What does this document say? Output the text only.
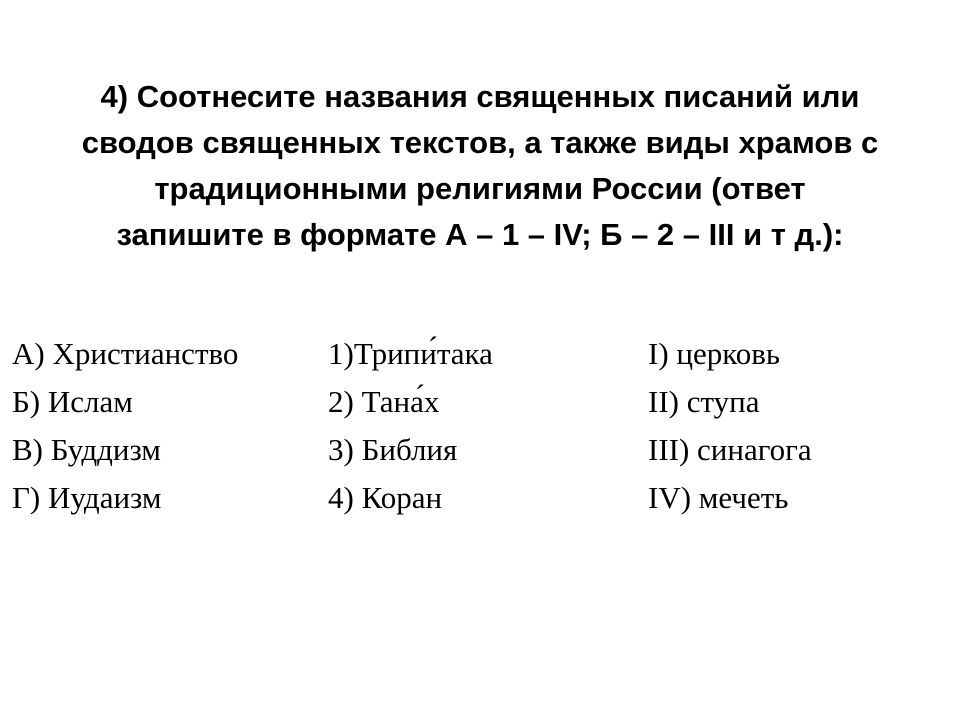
4) Соотнесите названия священных писаний или
сводов священных текстов, а также виды храмов с
традиционными религиями России (ответ
запишите в формате А – 1 – IV; Б – 2 – III и т д.):
А) Христианство
Б) Ислам
В) Буддизм
Г) Иудаизм
1)Трипи́така
2) Тана́х
3) Библия
4) Коран
I) церковь
II) ступа
III) синагога
IV) мечеть
